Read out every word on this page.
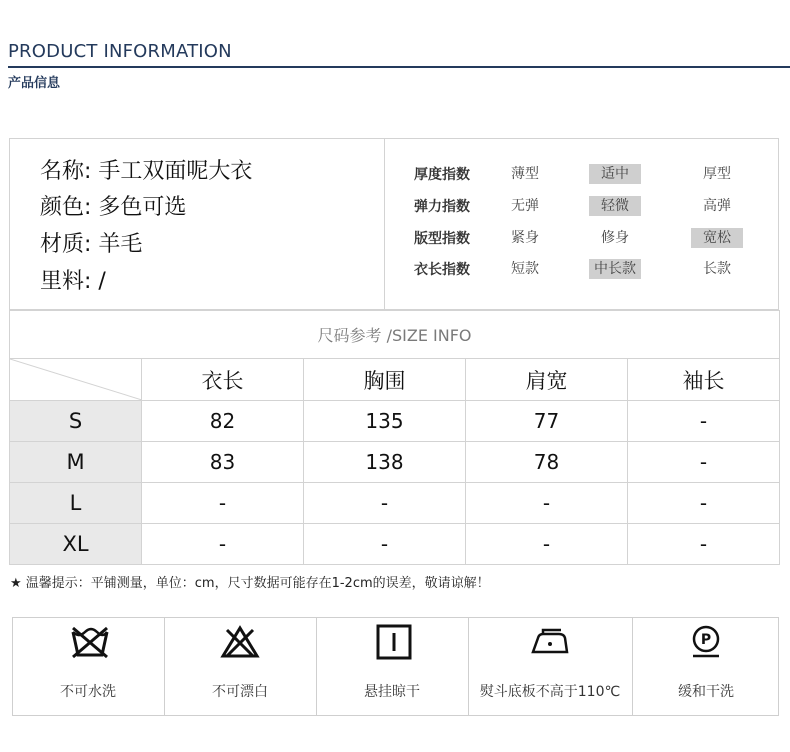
PRODUCT INFORMATION
产品信息
名称: 手工双面呢大衣
颜色: 多色可选
材质: 羊毛
里料: /
厚度指数	薄型	适中	厚型
弹力指数	无弹	轻微	高弹
版型指数	紧身	修身	宽松
衣长指数	短款	中长款	长款
尺码参考 /SIZE INFO				

	衣长	胸围	肩宽	袖长
S	82	135	77	-
M	83	138	78	-
L	-	-	-	-
XL	-	-	-	-
★ 温馨提示：平铺测量，单位：cm，尺寸数据可能存在1-2cm的误差，敬请谅解！
P
不可水洗	不可漂白	悬挂晾干	熨斗底板不高于110℃	缓和干洗
